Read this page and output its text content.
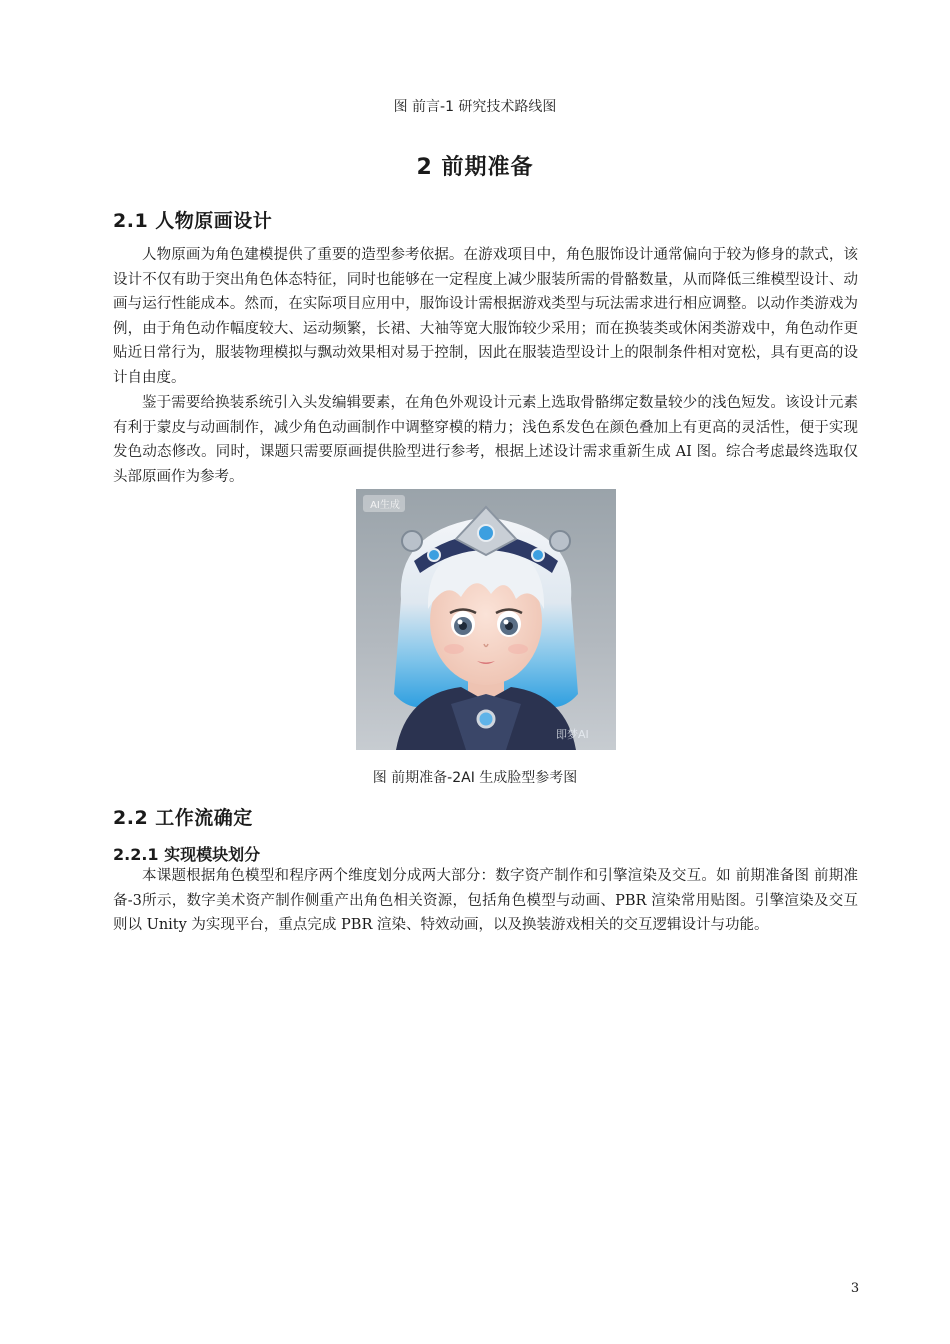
图 前言-1 研究技术路线图
2 前期准备
2.1 人物原画设计

人物原画为角色建模提供了重要的造型参考依据。在游戏项目中，角色服饰设计通常偏向于较为修身的款式，该设计不仅有助于突出角色体态特征，同时也能够在一定程度上减少服装所需的骨骼数量，从而降低三维模型设计、动画与运行性能成本。然而，在实际项目应用中，服饰设计需根据游戏类型与玩法需求进行相应调整。以动作类游戏为例，由于角色动作幅度较大、运动频繁，长裙、大袖等宽大服饰较少采用；而在换装类或休闲类游戏中，角色动作更贴近日常行为，服装物理模拟与飘动效果相对易于控制，因此在服装造型设计上的限制条件相对宽松，具有更高的设计自由度。

鉴于需要给换装系统引入头发编辑要素，在角色外观设计元素上选取骨骼绑定数量较少的浅色短发。该设计元素有利于蒙皮与动画制作，减少角色动画制作中调整穿模的精力；浅色系发色在颜色叠加上有更高的灵活性，便于实现发色动态修改。同时，课题只需要原画提供脸型进行参考，根据上述设计需求重新生成 AI 图。综合考虑最终选取仅头部原画作为参考。

AI生成
即梦AI
图 前期准备-2AI 生成脸型参考图
2.2 工作流确定
2.2.1 实现模块划分

本课题根据角色模型和程序两个维度划分成两大部分：数字资产制作和引擎渲染及交互。如 前期准备图 前期准备-3所示，数字美术资产制作侧重产出角色相关资源，包括角色模型与动画、PBR 渲染常用贴图。引擎渲染及交互则以 Unity 为实现平台，重点完成 PBR 渲染、特效动画，以及换装游戏相关的交互逻辑设计与功能。

3
